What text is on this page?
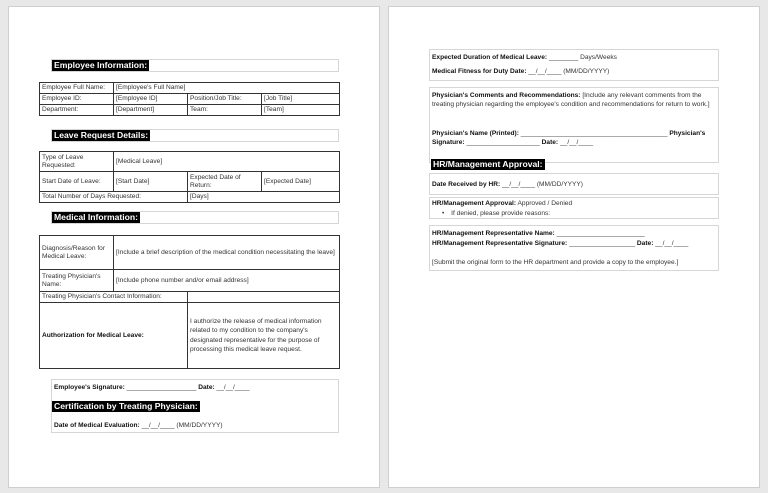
Employee Information:
Employee Full Name:	[Employee's Full Name]		
Employee ID:	[Employee ID]	Position/Job Title:	[Job Title]
Department:	[Department]	Team:	[Team]
Leave Request Details:
Type of Leave Requested:	[Medical Leave]		
Start Date of Leave:	[Start Date]	Expected Date of Return:	[Expected Date]
Total Number of Days Requested:		[Days]	
Medical Information:
Diagnosis/Reason for Medical Leave:	[Include a brief description of the medical condition necessitating the leave]	
Treating Physician's Name:	[Include phone number and/or email address]	
Treating Physician's Contact Information:		
Authorization for Medical Leave:		I authorize the release of medical information related to my condition to the company's designated representative for the purpose of processing this medical leave request.
Employee's Signature: ___________________ Date: __/__/____
Certification by Treating Physician:
Date of Medical Evaluation: __/__/____ (MM/DD/YYYY)
Expected Duration of Medical Leave: ________ Days/Weeks
Medical Fitness for Duty Date: __/__/____ (MM/DD/YYYY)
Physician's Comments and Recommendations: [Include any relevant comments from the treating physician regarding the employee's condition and recommendations for return to work.]
Physician's Name (Printed): ________________________________________ Physician's Signature: ____________________ Date: __/__/____
HR/Management Approval:
Date Received by HR: __/__/____ (MM/DD/YYYY)
HR/Management Approval: Approved / Denied
• If denied, please provide reasons:
HR/Management Representative Name: ________________________
HR/Management Representative Signature: __________________ Date: __/__/____
[Submit the original form to the HR department and provide a copy to the employee.]
